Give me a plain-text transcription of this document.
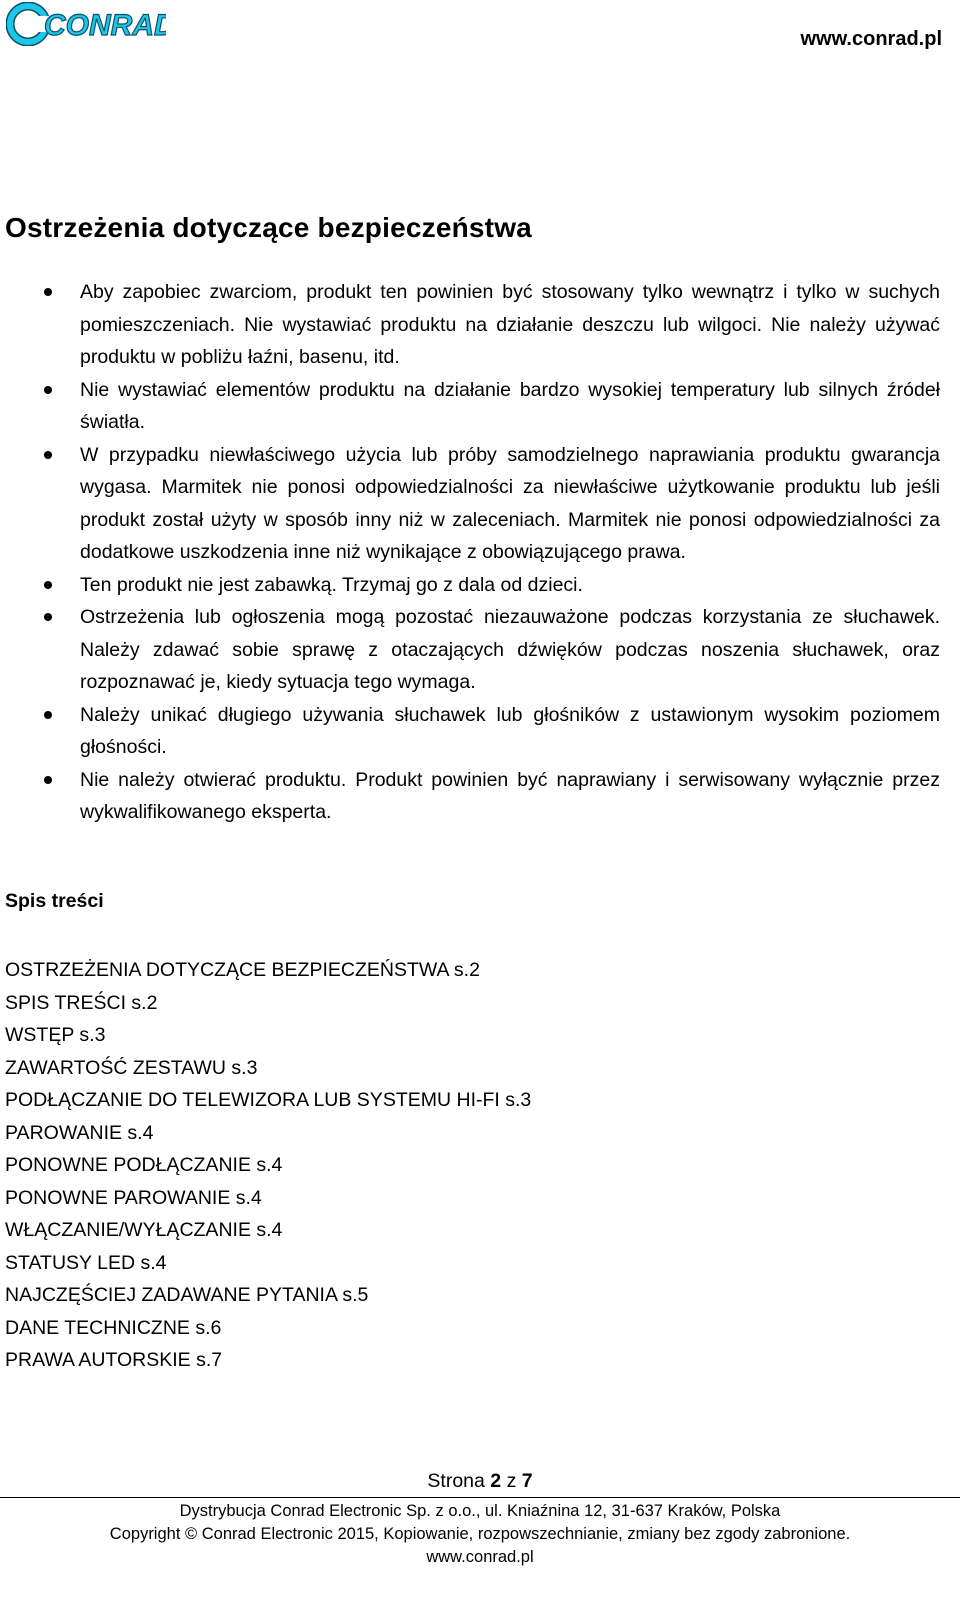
CONRAD	www.conrad.pl
Ostrzeżenia dotyczące bezpieczeństwa
Aby zapobiec zwarciom, produkt ten powinien być stosowany tylko wewnątrz i tylko w suchych pomieszczeniach. Nie wystawiać produktu na działanie deszczu lub wilgoci. Nie należy używać produktu w pobliżu łaźni, basenu, itd.
Nie wystawiać elementów produktu na działanie bardzo wysokiej temperatury lub silnych źródeł światła.
W przypadku niewłaściwego użycia lub próby samodzielnego naprawiania produktu gwarancja wygasa. Marmitek nie ponosi odpowiedzialności za niewłaściwe użytkowanie produktu lub jeśli produkt został użyty w sposób inny niż w zaleceniach. Marmitek nie ponosi odpowiedzialności za dodatkowe uszkodzenia inne niż wynikające z obowiązującego prawa.
Ten produkt nie jest zabawką. Trzymaj go z dala od dzieci.
Ostrzeżenia lub ogłoszenia mogą pozostać niezauważone podczas korzystania ze słuchawek. Należy zdawać sobie sprawę z otaczających dźwięków podczas noszenia słuchawek, oraz rozpoznawać je, kiedy sytuacja tego wymaga.
Należy unikać długiego używania słuchawek lub głośników z ustawionym wysokim poziomem głośności.
Nie należy otwierać produktu. Produkt powinien być naprawiany i serwisowany wyłącznie przez wykwalifikowanego eksperta.
Spis treści
OSTRZEŻENIA DOTYCZĄCE BEZPIECZEŃSTWA s.2
SPIS TREŚCI s.2
WSTĘP s.3
ZAWARTOŚĆ ZESTAWU s.3
PODŁĄCZANIE DO TELEWIZORA LUB SYSTEMU HI-FI s.3
PAROWANIE s.4
PONOWNE PODŁĄCZANIE s.4
PONOWNE PAROWANIE s.4
WŁĄCZANIE/WYŁĄCZANIE s.4
STATUSY LED s.4
NAJCZĘŚCIEJ ZADAWANE PYTANIA s.5
DANE TECHNICZNE s.6
PRAWA AUTORSKIE s.7
Strona 2 z 7
Dystrybucja Conrad Electronic Sp. z o.o., ul. Kniaźnina 12, 31-637 Kraków, Polska
Copyright © Conrad Electronic 2015, Kopiowanie, rozpowszechnianie, zmiany bez zgody zabronione.
www.conrad.pl
